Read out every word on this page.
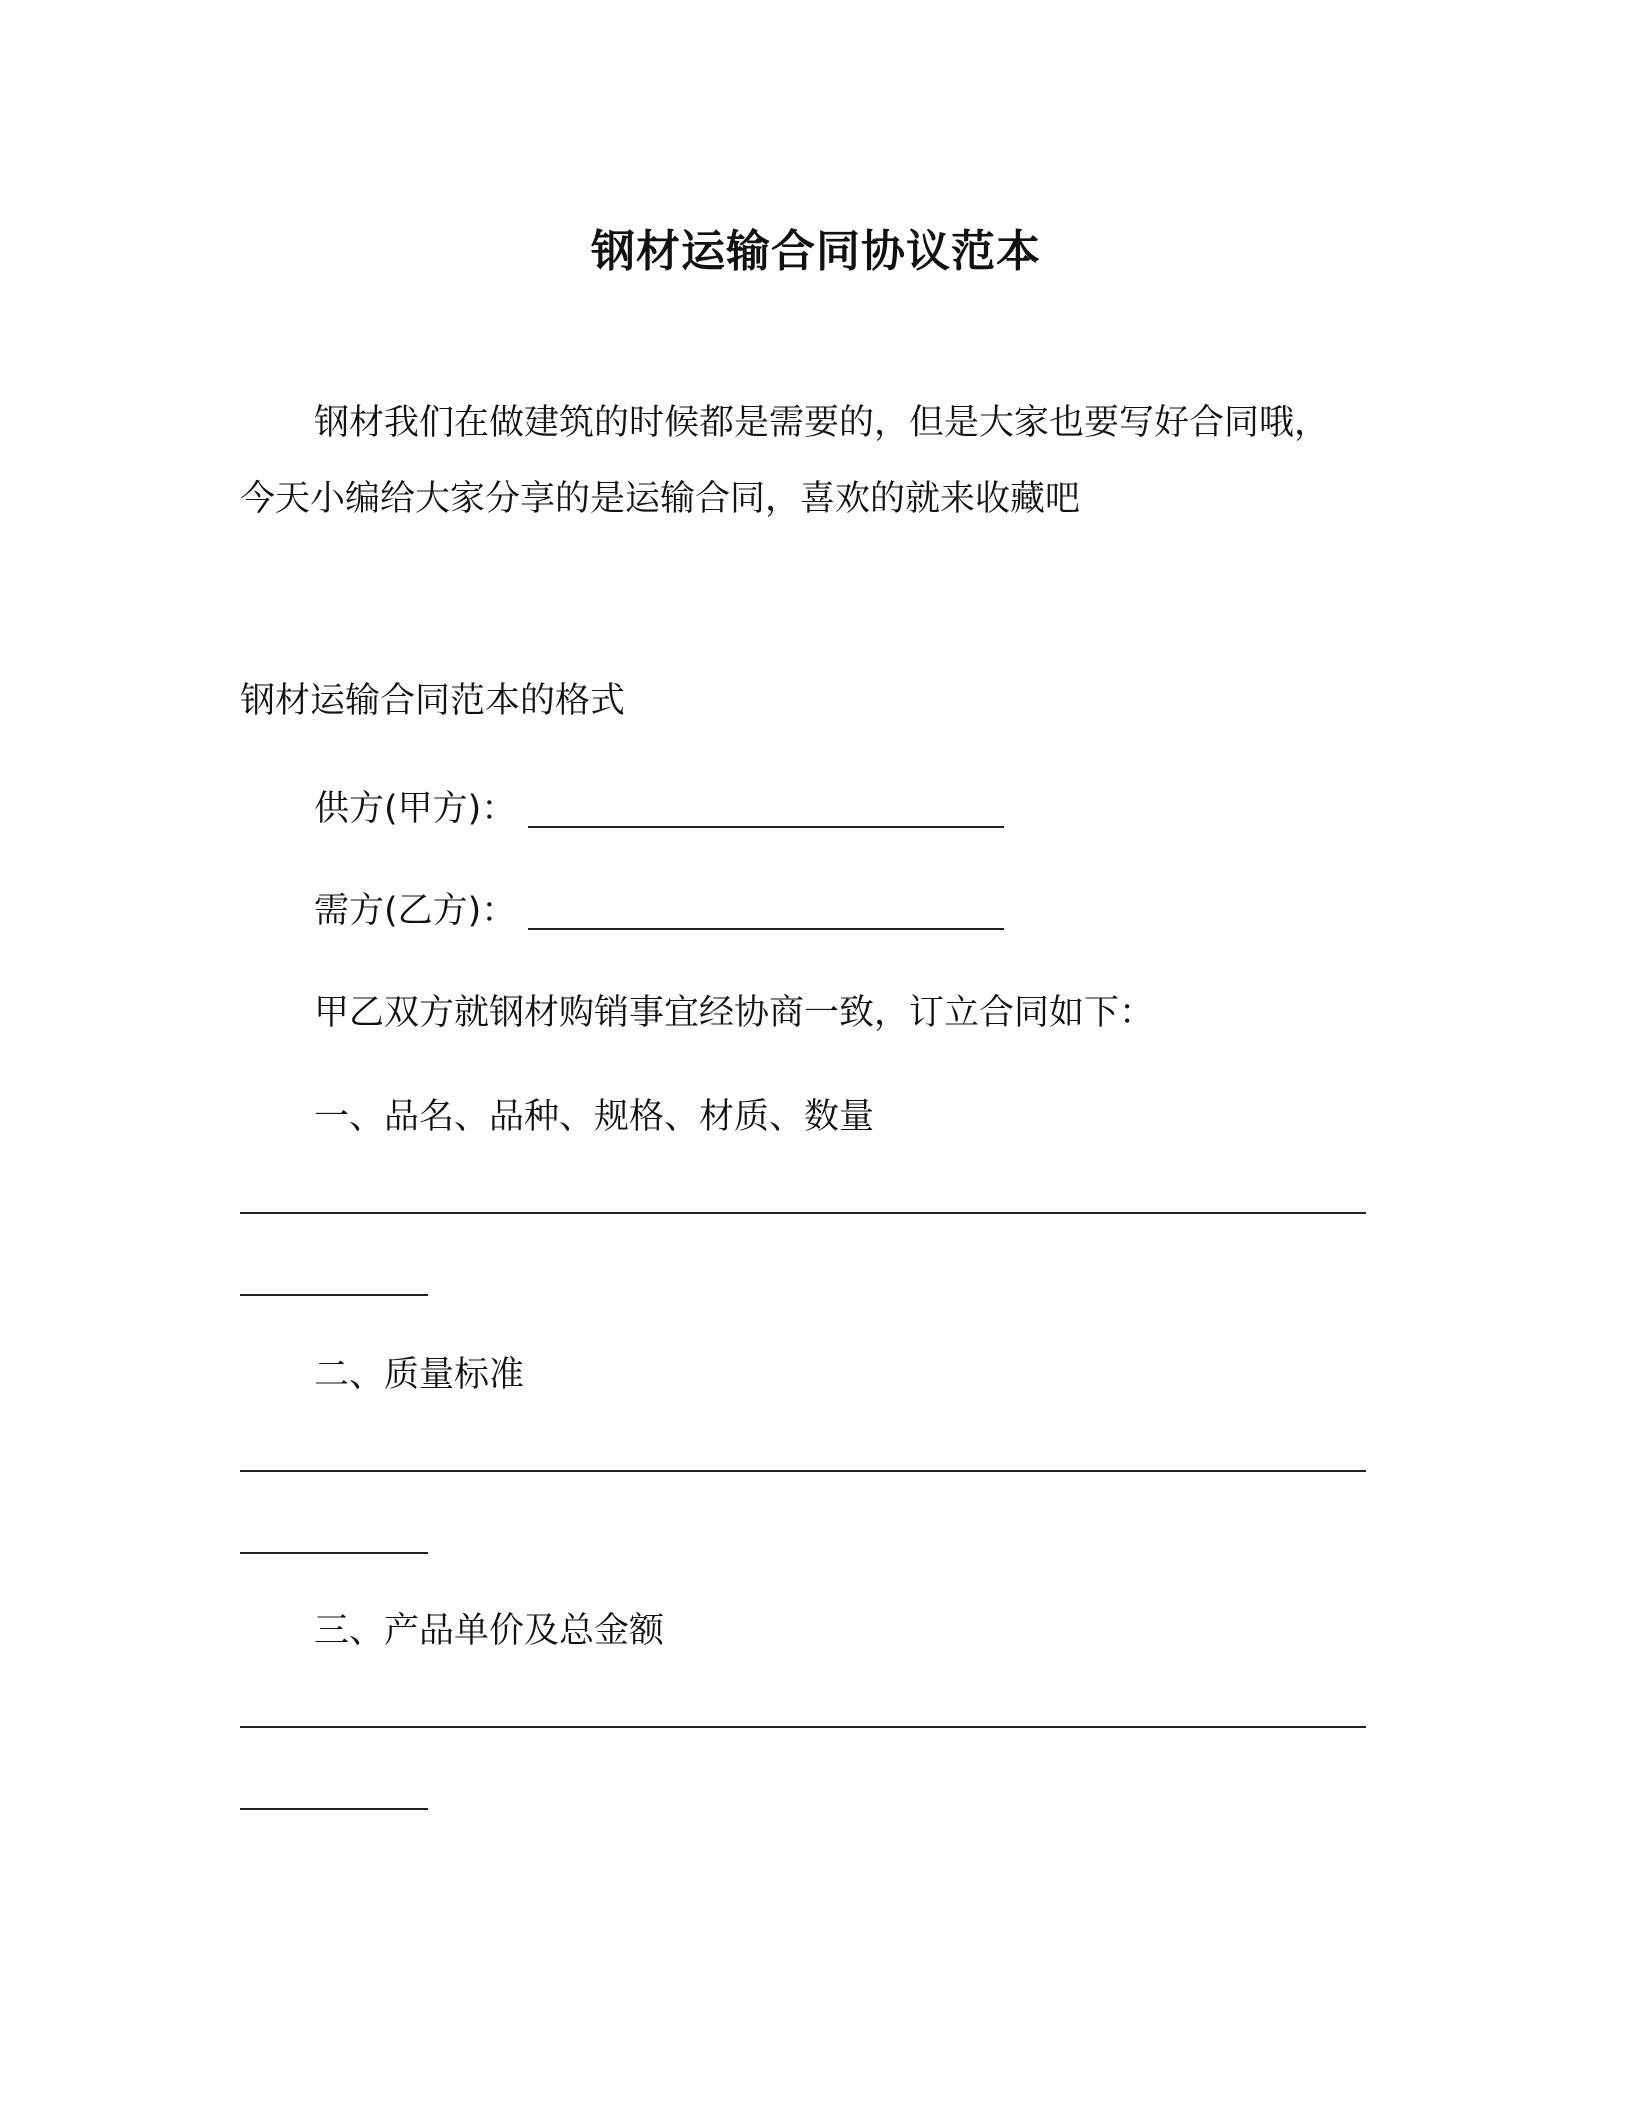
钢材运输合同协议范本
钢材我们在做建筑的时候都是需要的，但是大家也要写好合同哦，
今天小编给大家分享的是运输合同，喜欢的就来收藏吧
钢材运输合同范本的格式
供方(甲方)：
需方(乙方)：
甲乙双方就钢材购销事宜经协商一致，订立合同如下：
一、品名、品种、规格、材质、数量
二、质量标准
三、产品单价及总金额
